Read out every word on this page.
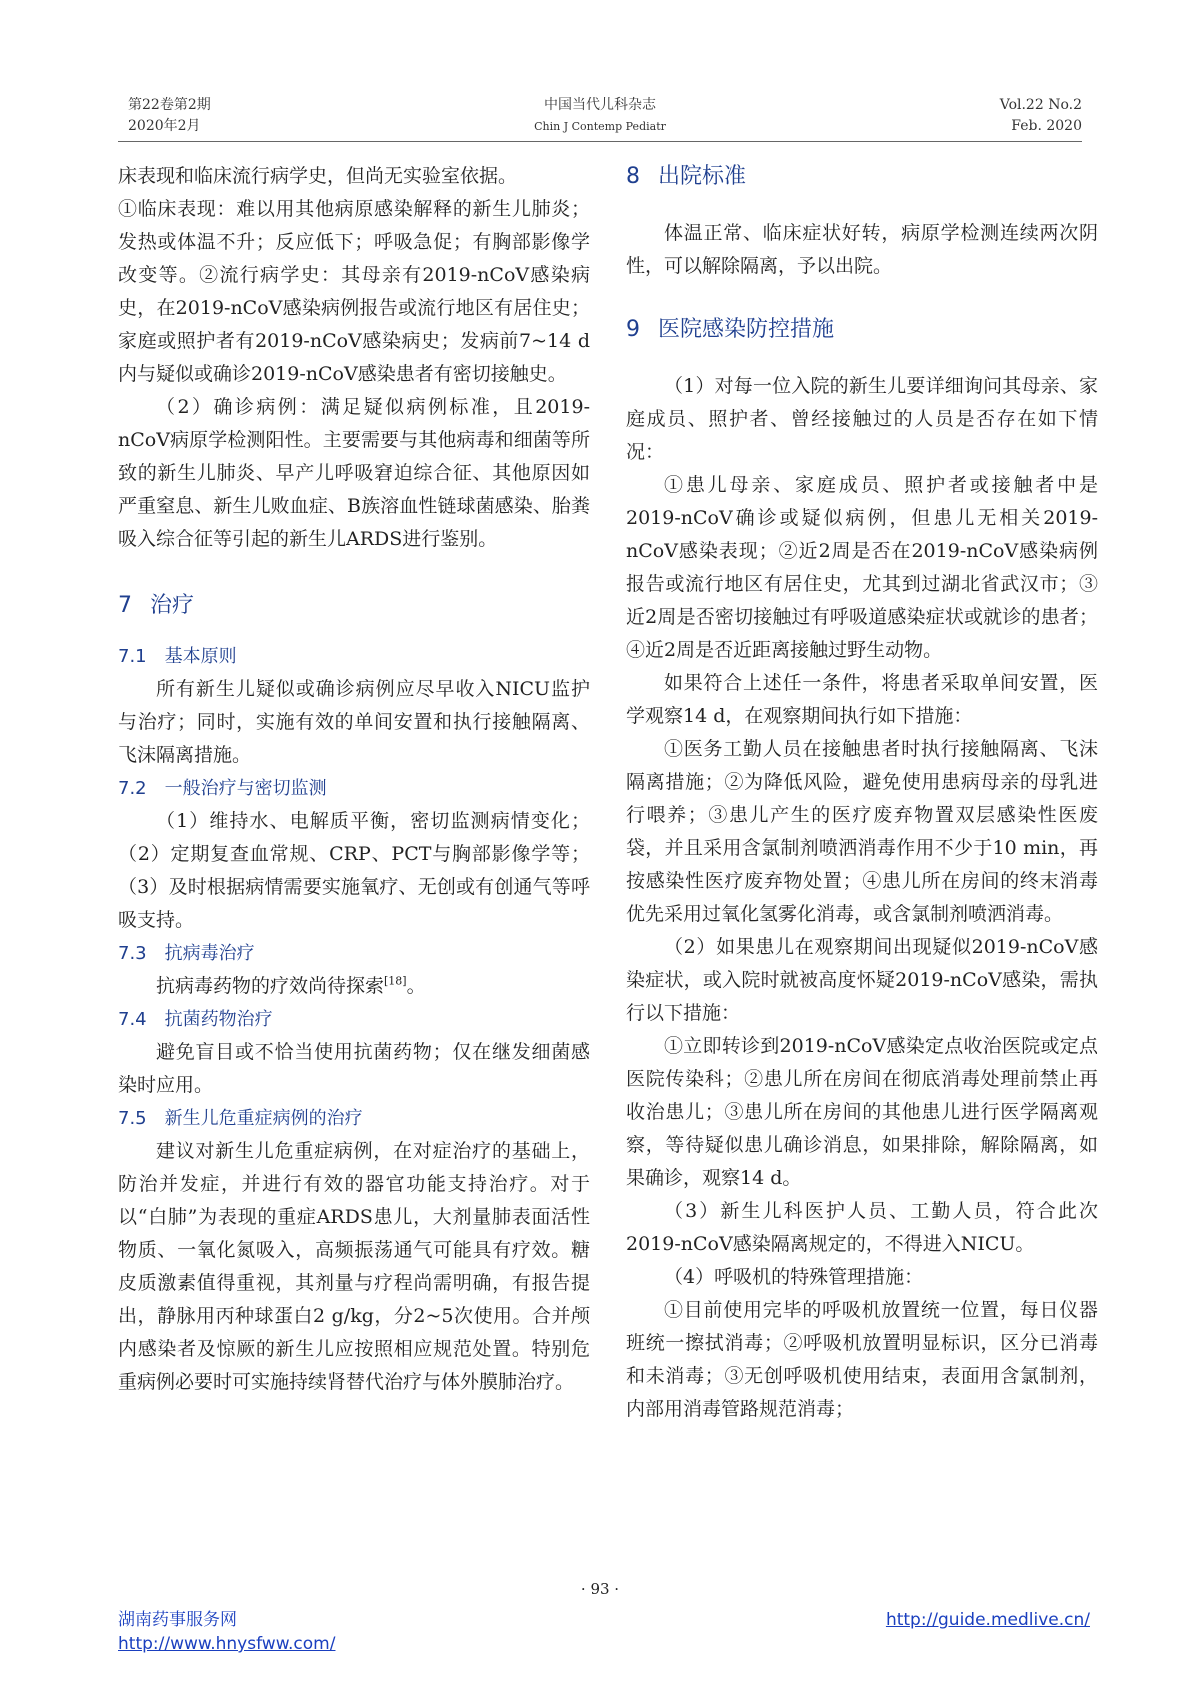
第22卷第2期
2020年2月
中国当代儿科杂志
Chin J Contemp Pediatr
Vol.22 No.2
Feb. 2020

床表现和临床流行病学史，但尚无实验室依据。

①临床表现：难以用其他病原感染解释的新生儿肺炎；发热或体温不升；反应低下；呼吸急促；有胸部影像学改变等。②流行病学史：其母亲有2019-nCoV感染病史，在2019-nCoV感染病例报告或流行地区有居住史；家庭或照护者有2019-nCoV感染病史；发病前7~14 d内与疑似或确诊2019-nCoV感染患者有密切接触史。

（2）确诊病例：满足疑似病例标准，且2019-nCoV病原学检测阳性。主要需要与其他病毒和细菌等所致的新生儿肺炎、早产儿呼吸窘迫综合征、其他原因如严重窒息、新生儿败血症、B族溶血性链球菌感染、胎粪吸入综合征等引起的新生儿ARDS进行鉴别。

7 治疗
7.1 基本原则

所有新生儿疑似或确诊病例应尽早收入NICU监护与治疗；同时，实施有效的单间安置和执行接触隔离、飞沫隔离措施。

7.2 一般治疗与密切监测

（1）维持水、电解质平衡，密切监测病情变化；（2）定期复查血常规、CRP、PCT与胸部影像学等；（3）及时根据病情需要实施氧疗、无创或有创通气等呼吸支持。

7.3 抗病毒治疗

抗病毒药物的疗效尚待探索[18]。

7.4 抗菌药物治疗

避免盲目或不恰当使用抗菌药物；仅在继发细菌感染时应用。

7.5 新生儿危重症病例的治疗

建议对新生儿危重症病例，在对症治疗的基础上，防治并发症，并进行有效的器官功能支持治疗。对于以“白肺”为表现的重症ARDS患儿，大剂量肺表面活性物质、一氧化氮吸入，高频振荡通气可能具有疗效。糖皮质激素值得重视，其剂量与疗程尚需明确，有报告提出，静脉用丙种球蛋白2 g/kg，分2~5次使用。合并颅内感染者及惊厥的新生儿应按照相应规范处置。特别危重病例必要时可实施持续肾替代治疗与体外膜肺治疗。

8 出院标准

体温正常、临床症状好转，病原学检测连续两次阴性，可以解除隔离，予以出院。

9 医院感染防控措施

（1）对每一位入院的新生儿要详细询问其母亲、家庭成员、照护者、曾经接触过的人员是否存在如下情况：

①患儿母亲、家庭成员、照护者或接触者中是2019-nCoV确诊或疑似病例，但患儿无相关2019-nCoV感染表现；②近2周是否在2019-nCoV感染病例报告或流行地区有居住史，尤其到过湖北省武汉市；③近2周是否密切接触过有呼吸道感染症状或就诊的患者；④近2周是否近距离接触过野生动物。

如果符合上述任一条件，将患者采取单间安置，医学观察14 d，在观察期间执行如下措施：

①医务工勤人员在接触患者时执行接触隔离、飞沫隔离措施；②为降低风险，避免使用患病母亲的母乳进行喂养；③患儿产生的医疗废弃物置双层感染性医废袋，并且采用含氯制剂喷洒消毒作用不少于10 min，再按感染性医疗废弃物处置；④患儿所在房间的终末消毒优先采用过氧化氢雾化消毒，或含氯制剂喷洒消毒。

（2）如果患儿在观察期间出现疑似2019-nCoV感染症状，或入院时就被高度怀疑2019-nCoV感染，需执行以下措施：

①立即转诊到2019-nCoV感染定点收治医院或定点医院传染科；②患儿所在房间在彻底消毒处理前禁止再收治患儿；③患儿所在房间的其他患儿进行医学隔离观察，等待疑似患儿确诊消息，如果排除，解除隔离，如果确诊，观察14 d。

（3）新生儿科医护人员、工勤人员，符合此次2019-nCoV感染隔离规定的，不得进入NICU。

（4）呼吸机的特殊管理措施：

①目前使用完毕的呼吸机放置统一位置，每日仪器班统一擦拭消毒；②呼吸机放置明显标识，区分已消毒和未消毒；③无创呼吸机使用结束，表面用含氯制剂，内部用消毒管路规范消毒；

· 93 ·
湖南药事服务网
http://www.hnysfww.com/
http://guide.medlive.cn/
